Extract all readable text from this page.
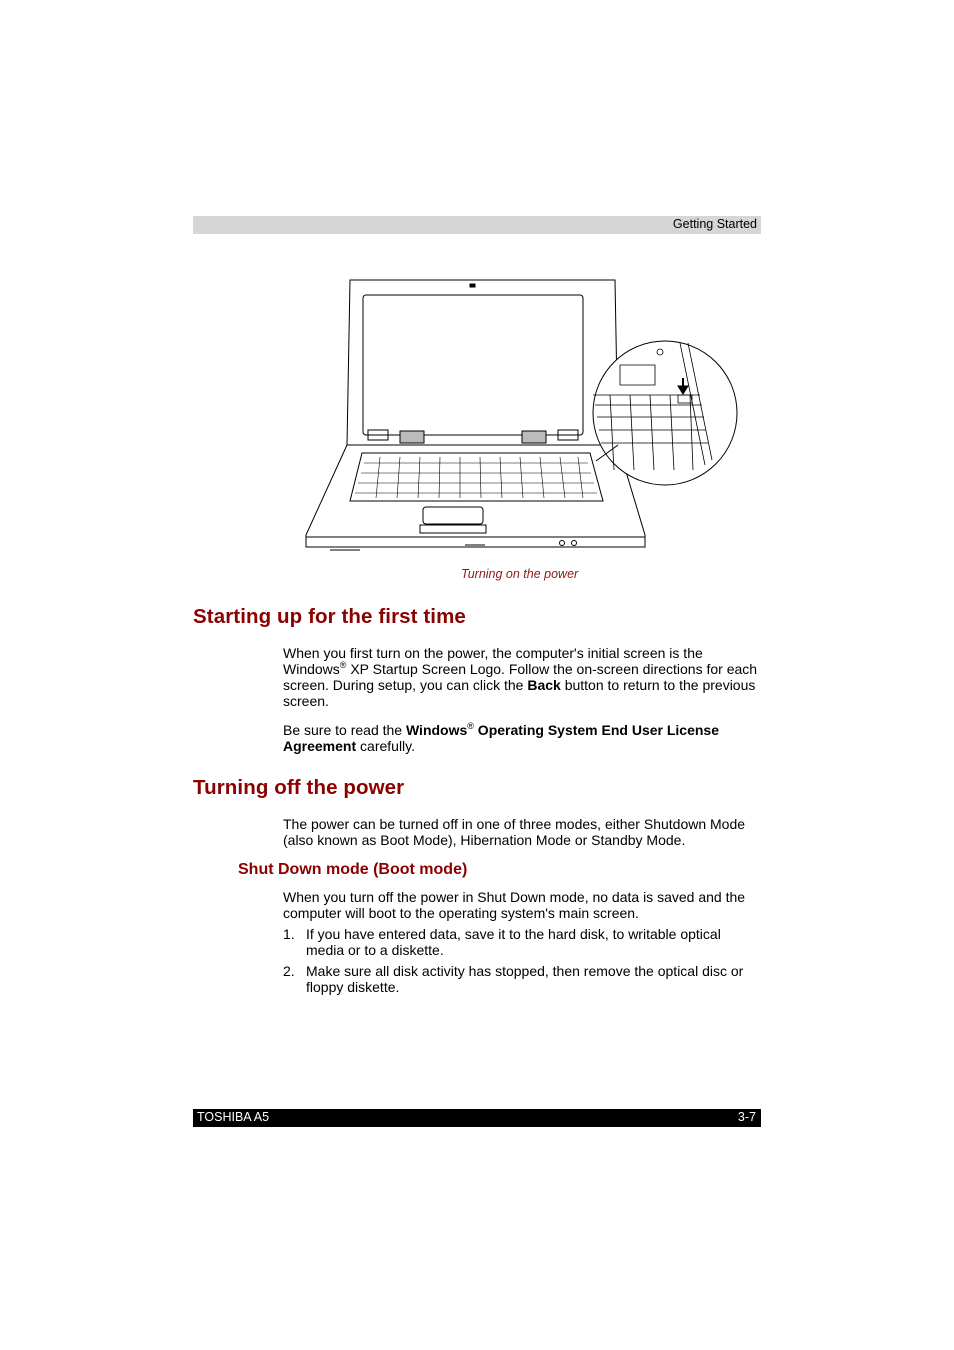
Getting Started
Turning on the power
Starting up for the first time

When you first turn on the power, the computer's initial screen is the Windows® XP Startup Screen Logo. Follow the on-screen directions for each screen. During setup, you can click the Back button to return to the previous screen.

Be sure to read the Windows® Operating System End User License Agreement carefully.

Turning off the power

The power can be turned off in one of three modes, either Shutdown Mode (also known as Boot Mode), Hibernation Mode or Standby Mode.

Shut Down mode (Boot mode)

When you turn off the power in Shut Down mode, no data is saved and the computer will boot to the operating system's main screen.

1. If you have entered data, save it to the hard disk, to writable optical media or to a diskette.
2. Make sure all disk activity has stopped, then remove the optical disc or floppy diskette.
TOSHIBA A5	3-7
